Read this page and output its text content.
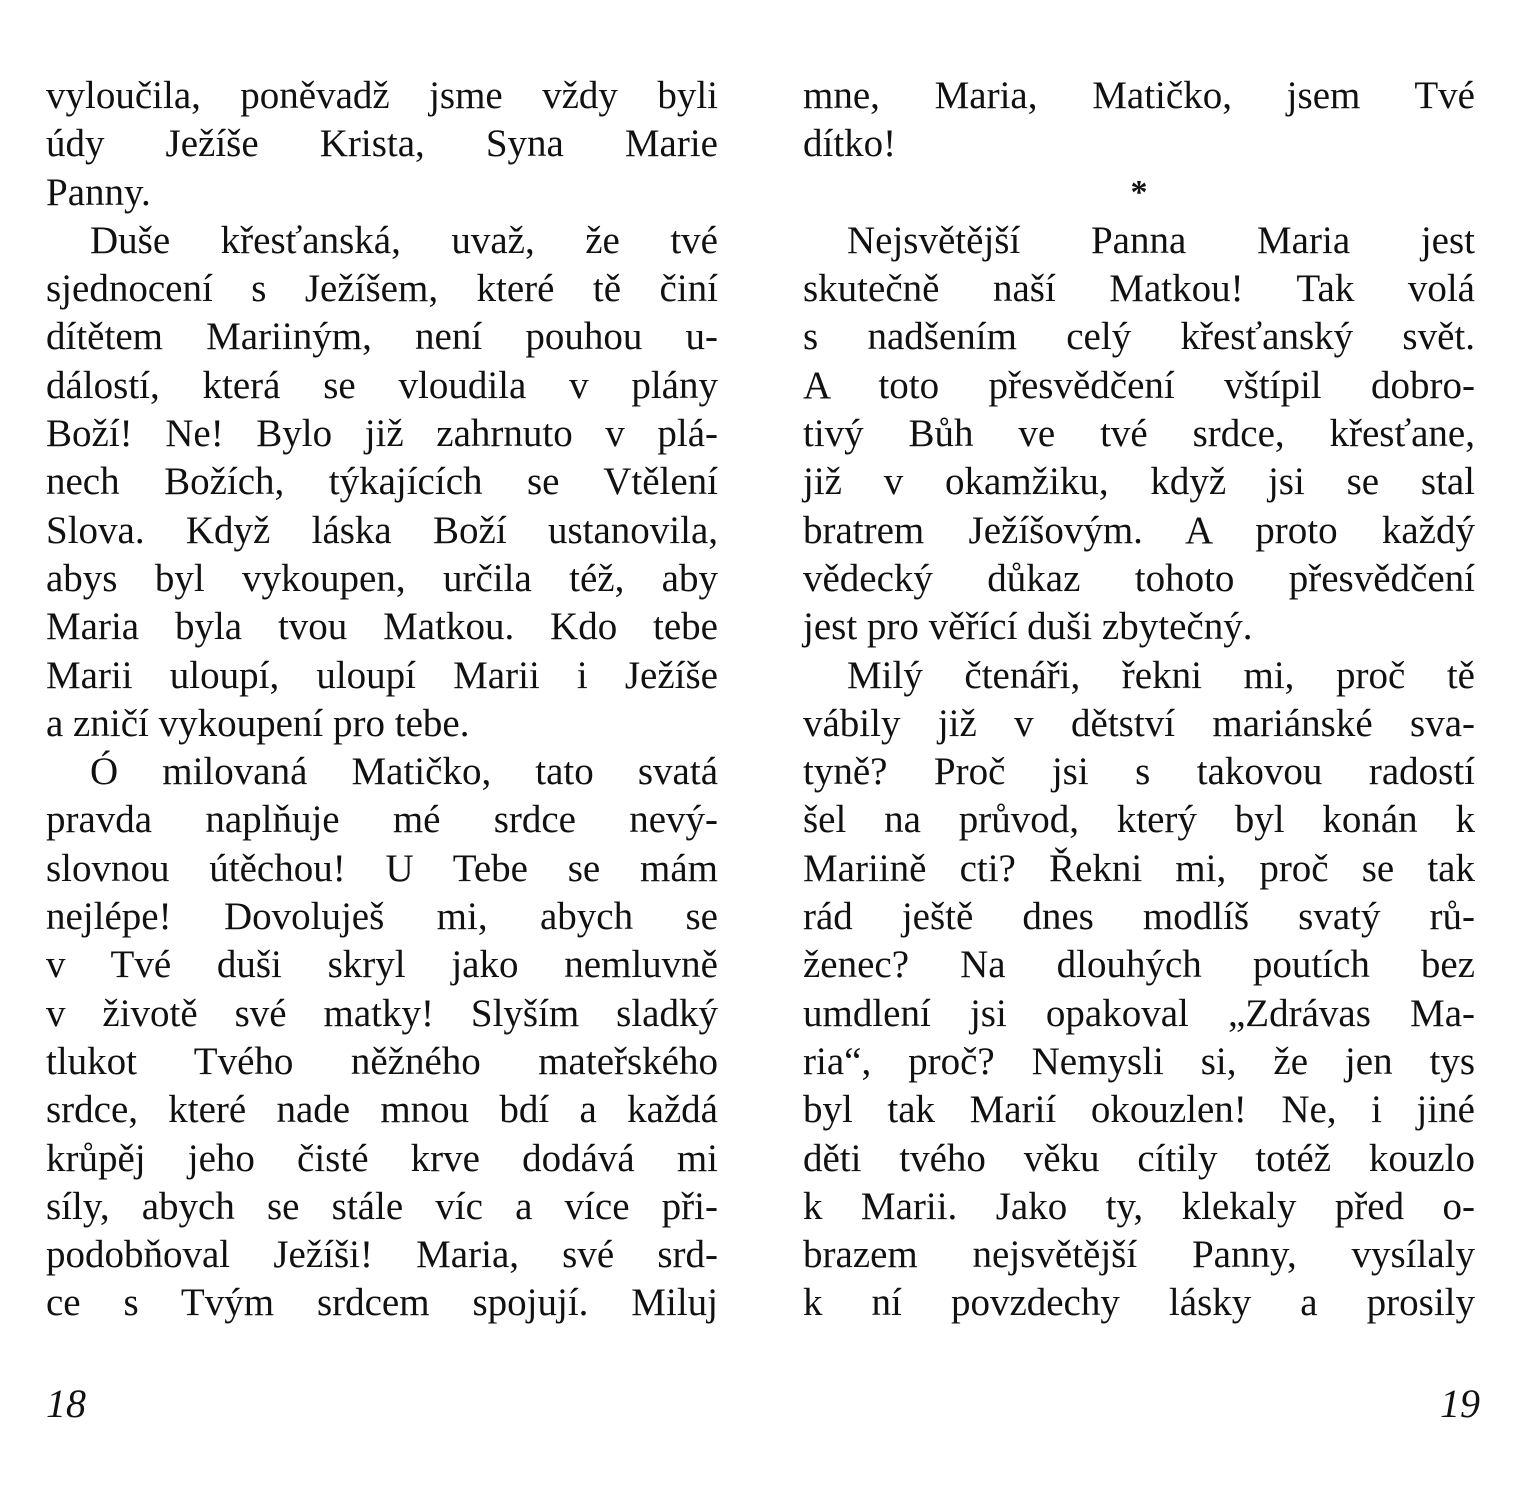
vyloučila, poněvadž jsme vždy byli
údy Ježíše Krista, Syna Marie
Panny.
Duše křesťanská, uvaž, že tvé
sjednocení s Ježíšem, které tě činí
dítětem Mariiným, není pouhou u-
dálostí, která se vloudila v plány
Boží! Ne! Bylo již zahrnuto v plá-
nech Božích, týkajících se Vtělení
Slova. Když láska Boží ustanovila,
abys byl vykoupen, určila též, aby
Maria byla tvou Matkou. Kdo tebe
Marii uloupí, uloupí Marii i Ježíše
a zničí vykoupení pro tebe.
Ó milovaná Matičko, tato svatá
pravda naplňuje mé srdce nevý-
slovnou útěchou! U Tebe se mám
nejlépe! Dovoluješ mi, abych se
v Tvé duši skryl jako nemluvně
v životě své matky! Slyším sladký
tlukot Tvého něžného mateřského
srdce, které nade mnou bdí a každá
krůpěj jeho čisté krve dodává mi
síly, abych se stále víc a více při-
podobňoval Ježíši! Maria, své srd-
ce s Tvým srdcem spojují. Miluj
mne, Maria, Matičko, jsem Tvé
dítko!
*
Nejsvětější Panna Maria jest
skutečně naší Matkou! Tak volá
s nadšením celý křesťanský svět.
A toto přesvědčení vštípil dobro-
tivý Bůh ve tvé srdce, křesťane,
již v okamžiku, když jsi se stal
bratrem Ježíšovým. A proto každý
vědecký důkaz tohoto přesvědčení
jest pro věřící duši zbytečný.
Milý čtenáři, řekni mi, proč tě
vábily již v dětství mariánské sva-
tyně? Proč jsi s takovou radostí
šel na průvod, který byl konán k
Mariině cti? Řekni mi, proč se tak
rád ještě dnes modlíš svatý rů-
ženec? Na dlouhých poutích bez
umdlení jsi opakoval „Zdrávas Ma-
ria“, proč? Nemysli si, že jen tys
byl tak Marií okouzlen! Ne, i jiné
děti tvého věku cítily totéž kouzlo
k Marii. Jako ty, klekaly před o-
brazem nejsvětější Panny, vysílaly
k ní povzdechy lásky a prosily
18	19
